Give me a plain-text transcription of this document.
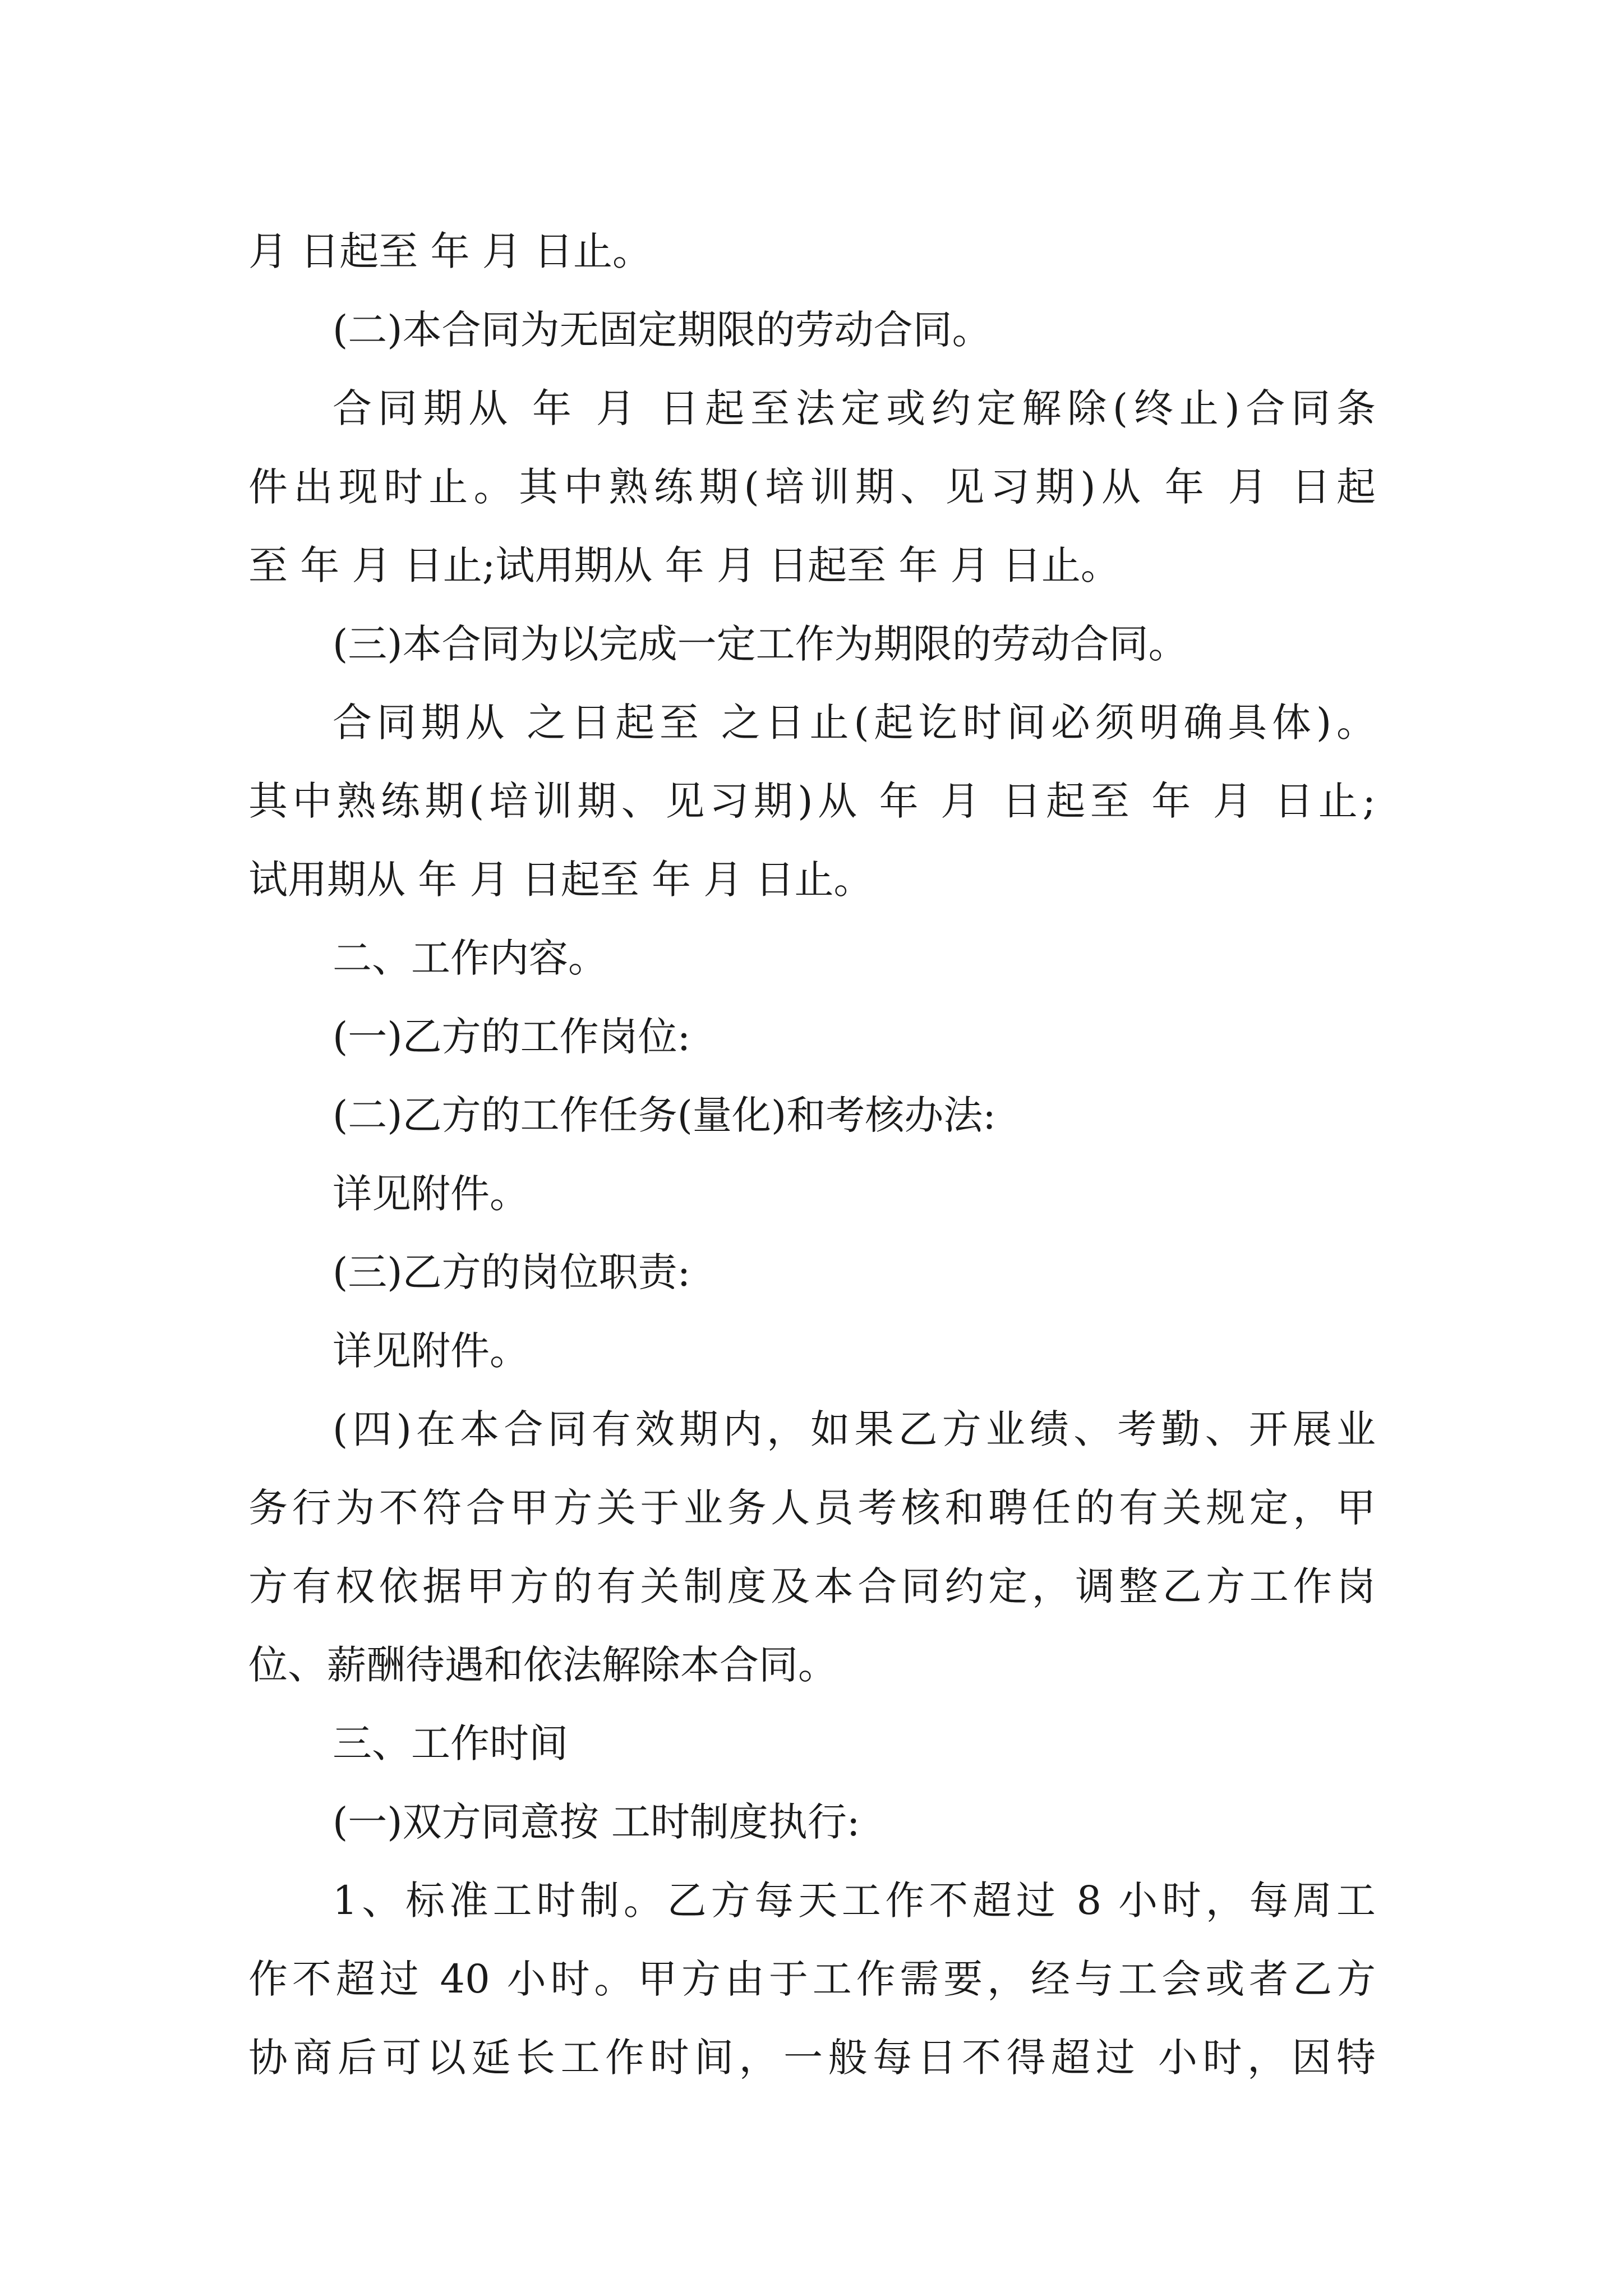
月 日起至 年 月 日止。
(二)本合同为无固定期限的劳动合同。
合同期从 年 月 日起至法定或约定解除(终止)合同条
件出现时止。其中熟练期(培训期、见习期)从 年 月 日起
至 年 月 日止;试用期从 年 月 日起至 年 月 日止。
(三)本合同为以完成一定工作为期限的劳动合同。
合同期从 之日起至 之日止(起讫时间必须明确具体)。
其中熟练期(培训期、见习期)从 年 月 日起至 年 月 日止;
试用期从 年 月 日起至 年 月 日止。
二、工作内容。
(一)乙方的工作岗位:
(二)乙方的工作任务(量化)和考核办法:
详见附件。
(三)乙方的岗位职责:
详见附件。
(四)在本合同有效期内，如果乙方业绩、考勤、开展业
务行为不符合甲方关于业务人员考核和聘任的有关规定，甲
方有权依据甲方的有关制度及本合同约定，调整乙方工作岗
位、薪酬待遇和依法解除本合同。
三、工作时间
(一)双方同意按 工时制度执行:
1、标准工时制。乙方每天工作不超过 8 小时，每周工
作不超过 40 小时。甲方由于工作需要，经与工会或者乙方
协商后可以延长工作时间，一般每日不得超过 小时，因特
